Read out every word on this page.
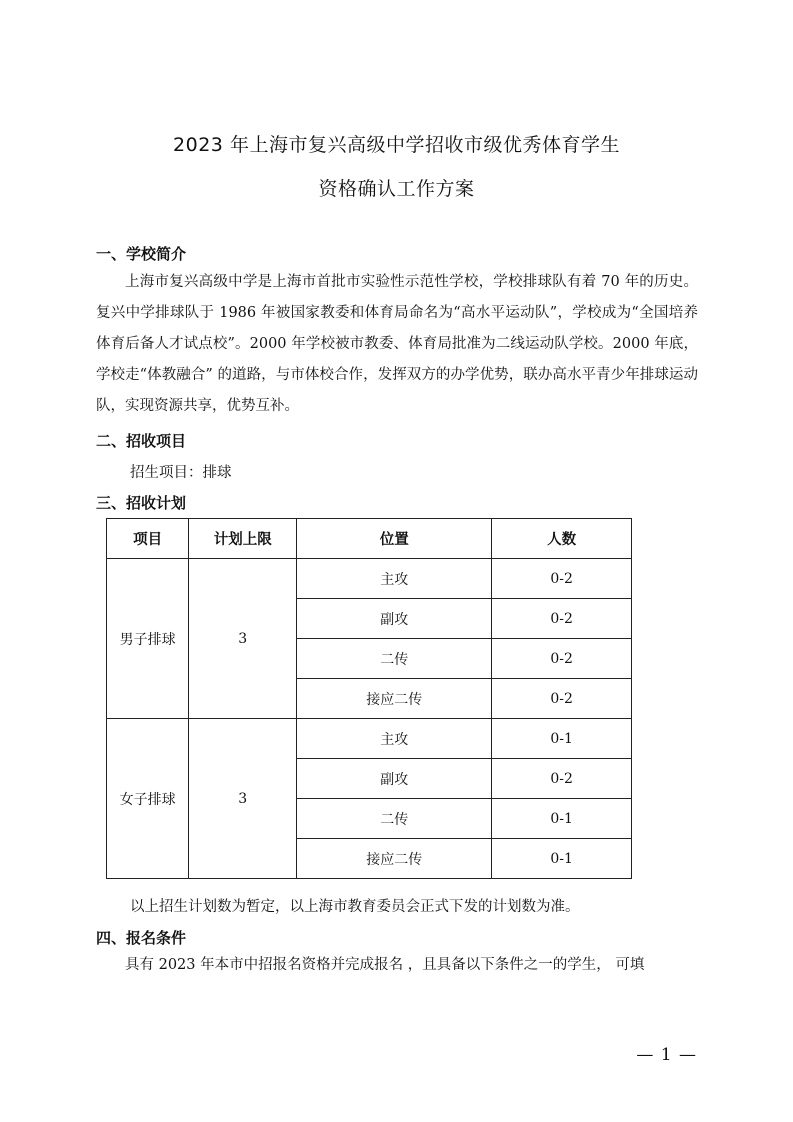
2023 年上海市复兴高级中学招收市级优秀体育学生
资格确认工作方案
一、学校简介
上海市复兴高级中学是上海市首批市实验性示范性学校，学校排球队有着 70 年的历史。复兴中学排球队于 1986 年被国家教委和体育局命名为“高水平运动队”，学校成为“全国培养体育后备人才试点校”。2000 年学校被市教委、体育局批准为二线运动队学校。2000 年底，学校走“体教融合” 的道路，与市体校合作，发挥双方的办学优势，联办高水平青少年排球运动队，实现资源共享，优势互补。
二、招收项目
招生项目：排球
三、招收计划
项目	计划上限	位置	人数
男子排球	3	主攻	0-2
		副攻	0-2
		二传	0-2
		接应二传	0-2
女子排球	3	主攻	0-1
		副攻	0-2
		二传	0-1
		接应二传	0-1
以上招生计划数为暂定，以上海市教育委员会正式下发的计划数为准。
四、报名条件
具有 2023 年本市中招报名资格并完成报名 ，且具备以下条件之一的学生， 可填
— 1 —
